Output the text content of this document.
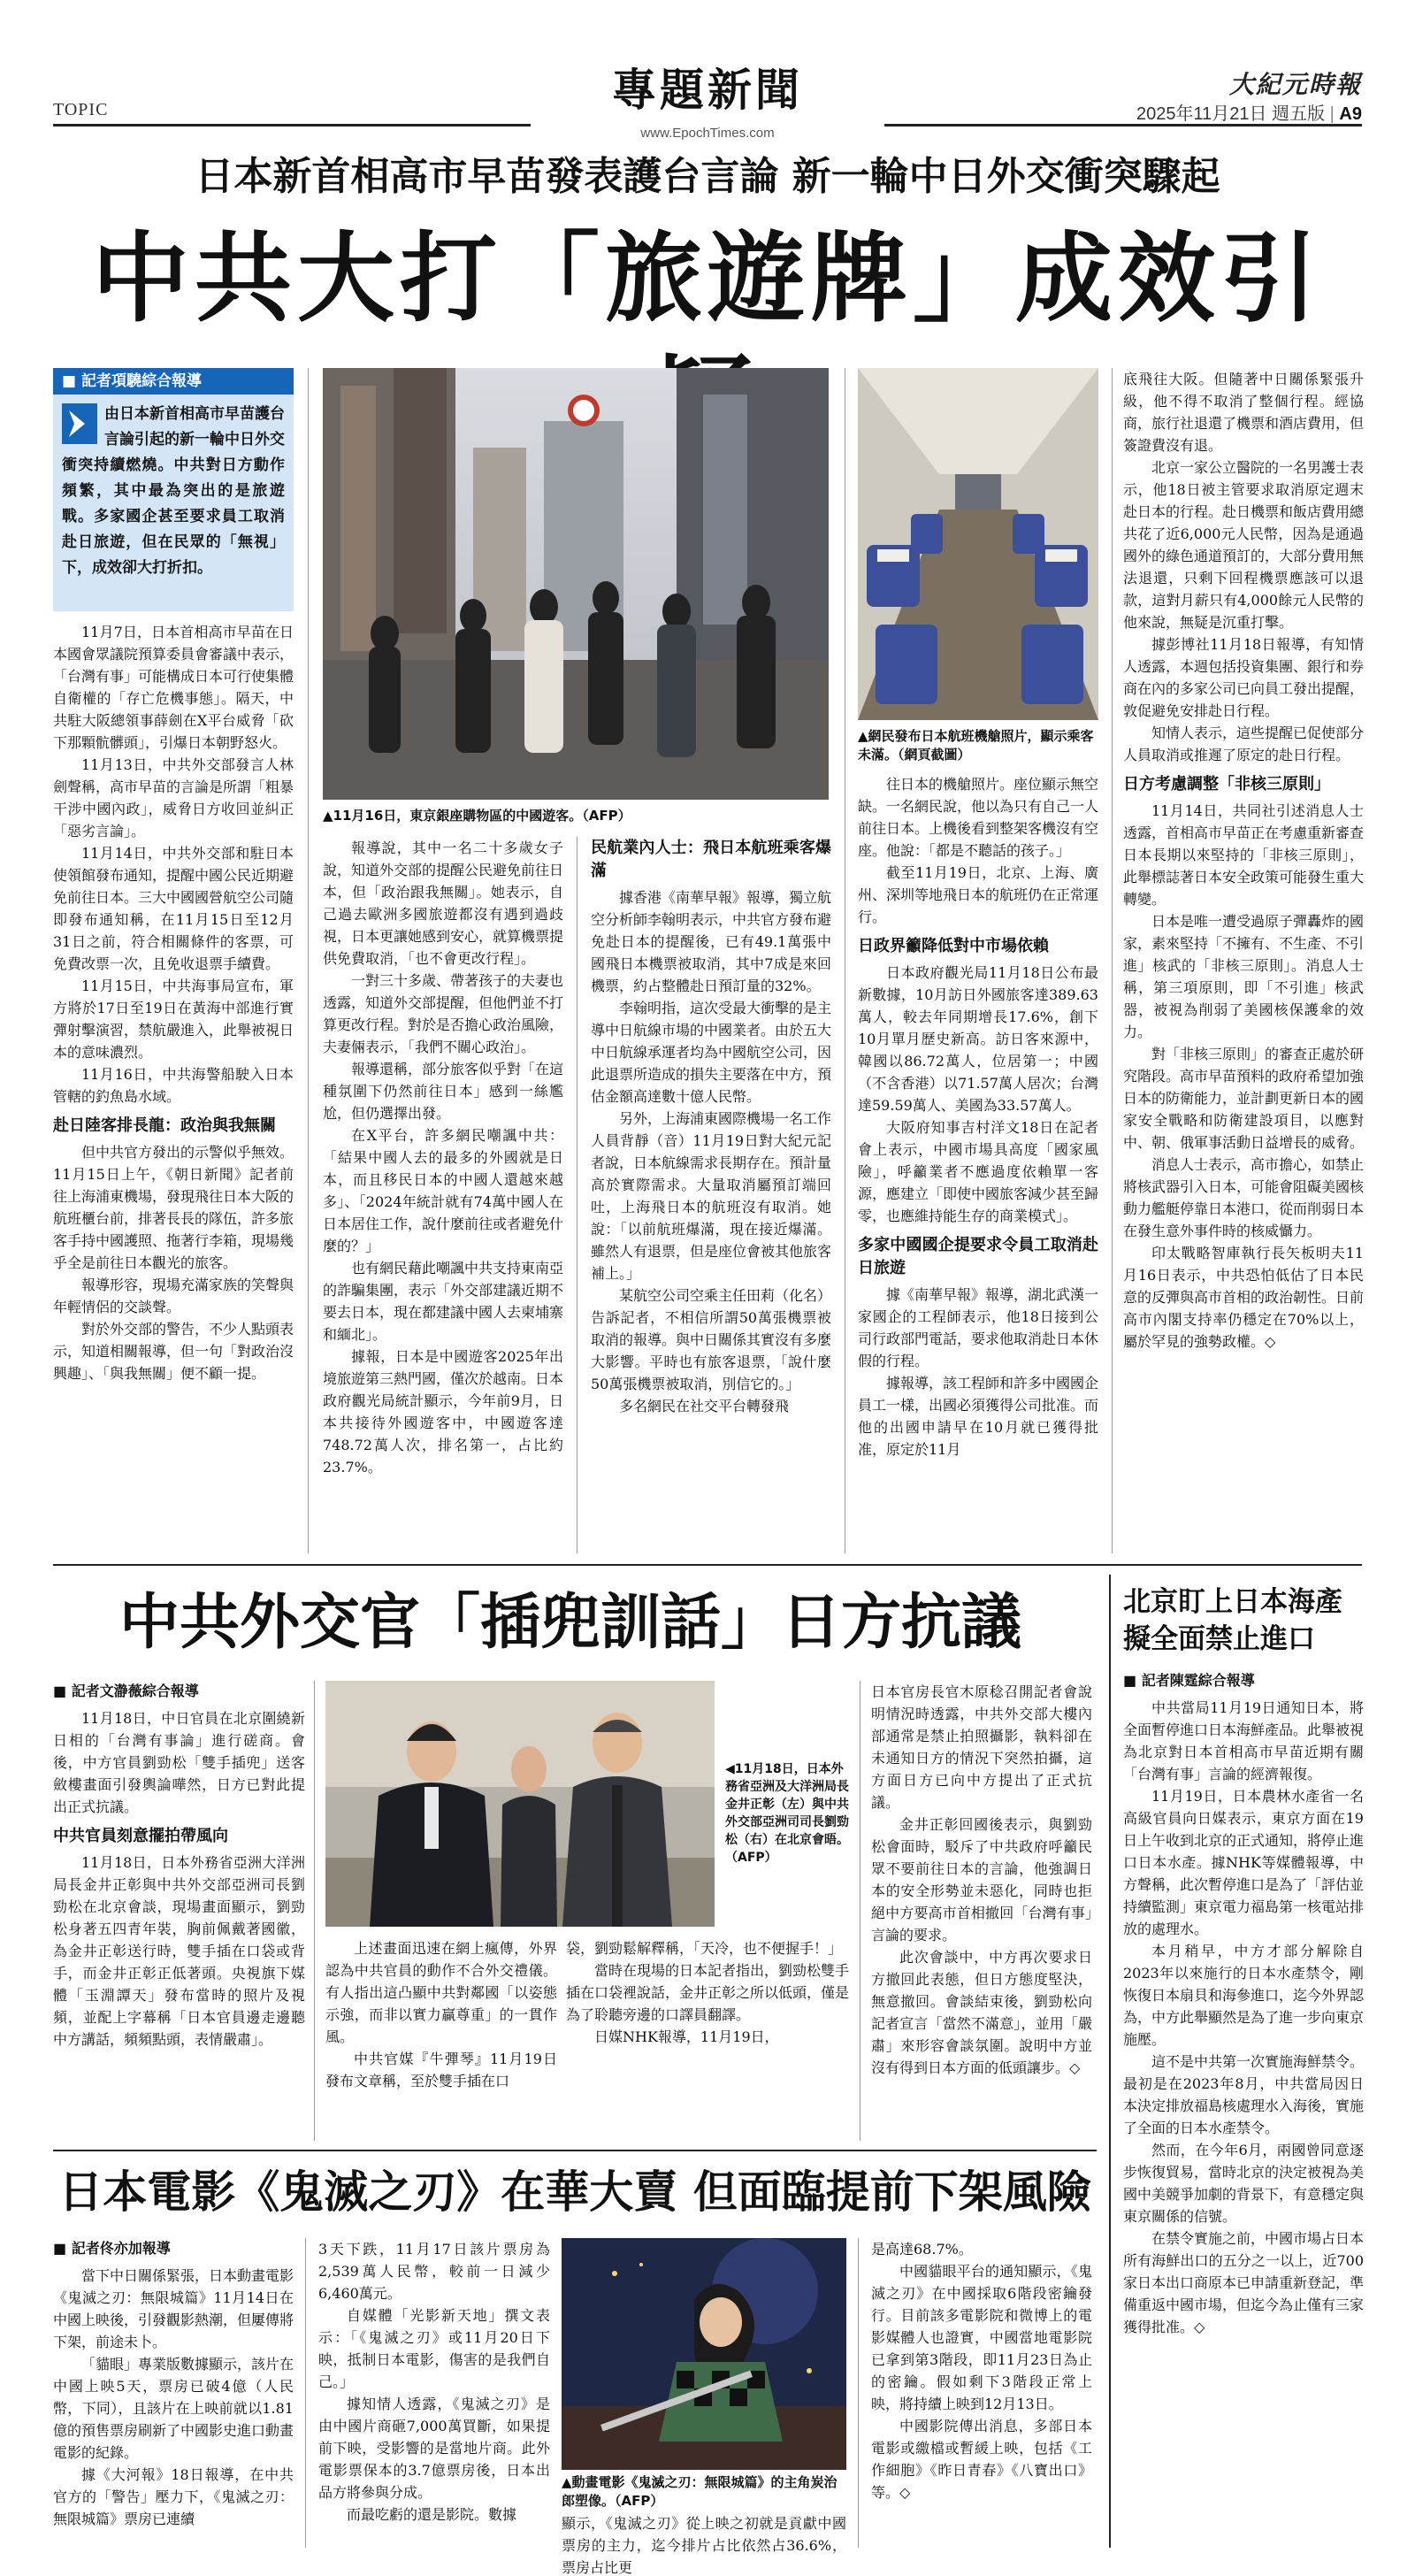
TOPIC	專題新聞
www.EpochTimes.com
大紀元時報
2025年11月21日 週五版 | A9
日本新首相高市早苗發表護台言論 新一輪中日外交衝突驟起
中共大打「旅遊牌」成效引
■ 記者項驍綜合報導
由日本新首相高市早苗護台言論引起的新一輪中日外交衝突持續燃燒。中共對日方動作頻繁，其中最為突出的是旅遊戰。多家國企甚至要求員工取消赴日旅遊，但在民眾的「無視」下，成效卻大打折扣。

11月7日，日本首相高市早苗在日本國會眾議院預算委員會審議中表示，「台灣有事」可能構成日本可行使集體自衛權的「存亡危機事態」。隔天，中共駐大阪總領事薛劍在X平台威脅「砍下那顆骯髒頭」，引爆日本朝野怒火。

11月13日，中共外交部發言人林劍聲稱，高市早苗的言論是所謂「粗暴干涉中國內政」，威脅日方收回並糾正「惡劣言論」。

11月14日，中共外交部和駐日本使領館發布通知，提醒中國公民近期避免前往日本。三大中國國營航空公司隨即發布通知稱，在11月15日至12月31日之前，符合相關條件的客票，可免費改票一次，且免收退票手續費。

11月15日，中共海事局宣布，軍方將於17日至19日在黃海中部進行實彈射擊演習，禁航嚴進入，此舉被視日本的意味濃烈。

11月16日，中共海警船駛入日本管轄的釣魚島水域。

赴日陸客排長龍：政治與我無關

但中共官方發出的示警似乎無效。11月15日上午，《朝日新聞》記者前往上海浦東機場，發現飛往日本大阪的航班櫃台前，排著長長的隊伍，許多旅客手持中國護照、拖著行李箱，現場幾乎全是前往日本觀光的旅客。

報導形容，現場充滿家族的笑聲與年輕情侶的交談聲。

對於外交部的警告，不少人點頭表示，知道相關報導，但一句「對政治沒興趣」、「與我無關」便不顧一提。

▲11月16日，東京銀座購物區的中國遊客。（AFP）

報導說，其中一名二十多歲女子說，知道外交部的提醒公民避免前往日本，但「政治跟我無關」。她表示，自己過去歐洲多國旅遊都沒有遇到過歧視，日本更讓她感到安心，就算機票提供免費取消，「也不會更改行程」。

一對三十多歲、帶著孩子的夫妻也透露，知道外交部提醒，但他們並不打算更改行程。對於是否擔心政治風險，夫妻倆表示，「我們不關心政治」。

報導還稱，部分旅客似乎對「在這種氛圍下仍然前往日本」感到一絲尷尬，但仍選擇出發。

在X平台，許多網民嘲諷中共：「結果中國人去的最多的外國就是日本，而且移民日本的中國人還越來越多」、「2024年統計就有74萬中國人在日本居住工作，說什麼前往或者避免什麼的？」

也有網民藉此嘲諷中共支持東南亞的詐騙集團，表示「外交部建議近期不要去日本，現在都建議中國人去柬埔寨和緬北」。

據報，日本是中國遊客2025年出境旅遊第三熱門國，僅次於越南。日本政府觀光局統計顯示，今年前9月，日本共接待外國遊客中，中國遊客達748.72萬人次，排名第一，占比約23.7%。

民航業內人士：飛日本航班乘客爆滿

據香港《南華早報》報導，獨立航空分析師李翰明表示，中共官方發布避免赴日本的提醒後，已有49.1萬張中國飛日本機票被取消，其中7成是來回機票，約占整體赴日預訂量的32%。

李翰明指，這次受最大衝擊的是主導中日航線市場的中國業者。由於五大中日航線承運者均為中國航空公司，因此退票所造成的損失主要落在中方，預估金額高達數十億人民幣。

另外，上海浦東國際機場一名工作人員背靜（音）11月19日對大紀元記者說，日本航線需求長期存在。預計量高於實際需求。大量取消屬預訂端回吐，上海飛日本的航班沒有取消。她說：「以前航班爆滿，現在接近爆滿。雖然人有退票，但是座位會被其他旅客補上。」

某航空公司空乘主任田莉（化名）告訴記者，不相信所謂50萬張機票被取消的報導。與中日關係其實沒有多麼大影響。平時也有旅客退票，「說什麼50萬張機票被取消，別信它的。」

多名網民在社交平台轉發飛

▲網民發布日本航班機艙照片，顯示乘客未滿。（網頁截圖）

往日本的機艙照片。座位顯示無空缺。一名網民說，他以為只有自己一人前往日本。上機後看到整架客機沒有空座。他說：「都是不聽話的孩子。」

截至11月19日，北京、上海、廣州、深圳等地飛日本的航班仍在正常運行。

日政界籲降低對中市場依賴

日本政府觀光局11月18日公布最新數據，10月訪日外國旅客達389.63萬人，較去年同期增長17.6%，創下10月單月歷史新高。訪日客來源中，韓國以86.72萬人，位居第一；中國（不含香港）以71.57萬人居次；台灣達59.59萬人、美國為33.57萬人。

大阪府知事吉村洋文18日在記者會上表示，中國市場具高度「國家風險」，呼籲業者不應過度依賴單一客源，應建立「即使中國旅客減少甚至歸零，也應維持能生存的商業模式」。

多家中國國企提要求令員工取消赴日旅遊

據《南華早報》報導，湖北武漢一家國企的工程師表示，他18日接到公司行政部門電話，要求他取消赴日本休假的行程。

據報導，該工程師和許多中國國企員工一樣，出國必須獲得公司批准。而他的出國申請早在10月就已獲得批准，原定於11月

底飛往大阪。但隨著中日關係緊張升級，他不得不取消了整個行程。經協商，旅行社退還了機票和酒店費用，但簽證費沒有退。

北京一家公立醫院的一名男護士表示，他18日被主管要求取消原定週末赴日本的行程。赴日機票和飯店費用總共花了近6,000元人民幣，因為是通過國外的綠色通道預訂的，大部分費用無法退還，只剩下回程機票應該可以退款，這對月薪只有4,000餘元人民幣的他來說，無疑是沉重打擊。

據彭博社11月18日報導，有知情人透露，本週包括投資集團、銀行和券商在內的多家公司已向員工發出提醒，敦促避免安排赴日行程。

知情人表示，這些提醒已促使部分人員取消或推遲了原定的赴日行程。

日方考慮調整「非核三原則」

11月14日，共同社引述消息人士透露，首相高市早苗正在考慮重新審查日本長期以來堅持的「非核三原則」，此舉標誌著日本安全政策可能發生重大轉變。

日本是唯一遭受過原子彈轟炸的國家，素來堅持「不擁有、不生產、不引進」核武的「非核三原則」。消息人士稱，第三項原則，即「不引進」核武器，被視為削弱了美國核保護傘的效力。

對「非核三原則」的審查正處於研究階段。高市早苗預料的政府希望加強日本的防衛能力，並計劃更新日本的國家安全戰略和防衛建設項目，以應對中、朝、俄軍事活動日益增長的威脅。

消息人士表示，高市擔心，如禁止將核武器引入日本，可能會阻礙美國核動力艦艇停靠日本港口，從而削弱日本在發生意外事件時的核威懾力。

印太戰略智庫執行長矢板明夫11月16日表示，中共恐怕低估了日本民意的反彈與高市首相的政治韌性。日前高市內閣支持率仍穩定在70%以上，屬於罕見的強勢政權。◇

中共外交官「插兜訓話」日方抗議
■ 記者文瀞薇綜合報導

11月18日，中日官員在北京圍繞新日相的「台灣有事論」進行磋商。會後，中方官員劉勁松「雙手插兜」送客斂樓畫面引發輿論嘩然，日方已對此提出正式抗議。

中共官員刻意擺拍帶風向

11月18日，日本外務省亞洲大洋洲局長金井正彰與中共外交部亞洲司長劉勁松在北京會談，現場畫面顯示，劉勁松身著五四青年裝，胸前佩戴著國徽，為金井正彰送行時，雙手插在口袋或背手，而金井正彰正低著頭。央視旗下媒體「玉淵譚天」發布當時的照片及視頻，並配上字幕稱「日本官員邊走邊聽中方講話，頻頻點頭，表情嚴肅」。

◀11月18日，日本外務省亞洲及大洋洲局長金井正彰（左）與中共外交部亞洲司司長劉勁松（右）在北京會晤。（AFP）

上述畫面迅速在網上瘋傳，外界認為中共官員的動作不合外交禮儀。有人指出這凸顯中共對鄰國「以姿態示強，而非以實力贏尊重」的一貫作風。

中共官媒『牛彈琴』11月19日發布文章稱，至於雙手插在口

袋，劉勁鬆解釋稱，「天冷，也不便握手！」

當時在現場的日本記者指出，劉勁松雙手插在口袋裡說話，金井正彰之所以低頭，僅是為了聆聽旁邊的口譯員翻譯。

日媒NHK報導，11月19日，

日本官房長官木原稔召開記者會說明情況時透露，中共外交部大樓內部通常是禁止拍照攝影，執料卻在未通知日方的情況下突然拍攝，這方面日方已向中方提出了正式抗議。

金井正彰回國後表示，與劉勁松會面時，駁斥了中共政府呼籲民眾不要前往日本的言論，他強調日本的安全形勢並未惡化，同時也拒絕中方要高市首相撤回「台灣有事」言論的要求。

此次會談中，中方再次要求日方撤回此表態，但日方態度堅決，無意撤回。會談結束後，劉勁松向記者宣言「當然不滿意」，並用「嚴肅」來形容會談氛圍。說明中方並沒有得到日本方面的低頭讓步。◇

北京盯上日本海產 擬全面禁止進口
■ 記者陳霆綜合報導

中共當局11月19日通知日本，將全面暫停進口日本海鮮產品。此舉被視為北京對日本首相高市早苗近期有關「台灣有事」言論的經濟報復。

11月19日，日本農林水產省一名高級官員向日媒表示，東京方面在19日上午收到北京的正式通知，將停止進口日本水產。據NHK等媒體報導，中方聲稱，此次暫停進口是為了「評估並持續監測」東京電力福島第一核電站排放的處理水。

本月稍早，中方才部分解除自2023年以來施行的日本水產禁令，剛恢復日本扇貝和海參進口，迄今外界認為，中方此舉顯然是為了進一步向東京施壓。

這不是中共第一次實施海鮮禁令。最初是在2023年8月，中共當局因日本決定排放福島核處理水入海後，實施了全面的日本水產禁令。

然而，在今年6月，兩國曾同意逐步恢復貿易，當時北京的決定被視為美國中美競爭加劇的背景下，有意穩定與東京關係的信號。

在禁令實施之前，中國市場占日本所有海鮮出口的五分之一以上，近700家日本出口商原本已申請重新登記，準備重返中國市場，但迄今為止僅有三家獲得批准。◇

日本電影《鬼滅之刃》在華大賣 但面臨提前下架風險
■ 記者佟亦加報導

當下中日關係緊張，日本動畫電影《鬼滅之刃：無限城篇》11月14日在中國上映後，引發觀影熱潮，但屢傳將下架，前途未卜。

「貓眼」專業版數據顯示，該片在中國上映5天，票房已破4億（人民幣，下同），且該片在上映前就以1.81億的預售票房刷新了中國影史進口動畫電影的紀錄。

據《大河報》18日報導，在中共官方的「警告」壓力下，《鬼滅之刃：無限城篇》票房已連續

3天下跌，11月17日該片票房為2,539萬人民幣，較前一日減少6,460萬元。

自媒體「光影新天地」撰文表示：「《鬼滅之刃》或11月20日下映，抵制日本電影，傷害的是我們自己。」

據知情人透露，《鬼滅之刃》是由中國片商砸7,000萬買斷，如果提前下映，受影響的是當地片商。此外電影票保本的3.7億票房後，日本出品方將參與分成。

而最吃虧的還是影院。數據

▲動畫電影《鬼滅之刃：無限城篇》的主角炭治郎塑像。（AFP）

顯示，《鬼滅之刃》從上映之初就是貢獻中國票房的主力，迄今排片占比依然占36.6%，票房占比更

是高達68.7%。

中國貓眼平台的通知顯示，《鬼滅之刃》在中國採取6階段密鑰發行。目前該多電影院和微博上的電影媒體人也證實，中國當地電影院已拿到第3階段，即11月23日為止的密鑰。假如剩下3階段正常上映，將持續上映到12月13日。

中國影院傳出消息，多部日本電影或繳檔或暫緩上映，包括《工作細胞》《昨日青春》《八寶出口》等。◇
